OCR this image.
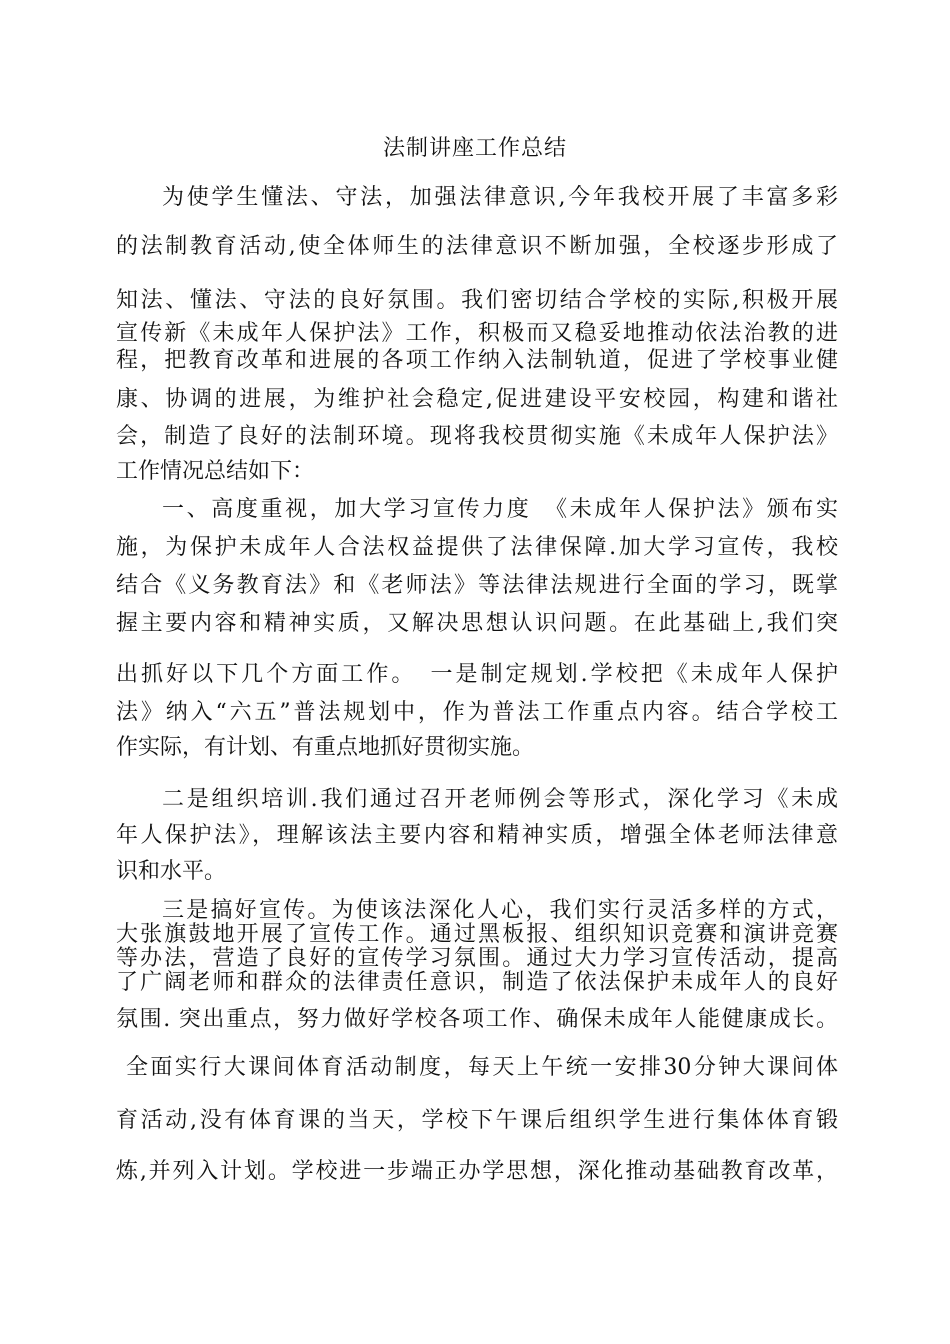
法制讲座工作总结
为使学生懂法、守法，加强法律意识,今年我校开展了丰富多彩
的法制教育活动,使全体师生的法律意识不断加强，全校逐步形成了
知法、懂法、守法的良好氛围。我们密切结合学校的实际,积极开展
宣传新《未成年人保护法》工作，积极而又稳妥地推动依法治教的进
程，把教育改革和进展的各项工作纳入法制轨道，促进了学校事业健
康、协调的进展，为维护社会稳定,促进建设平安校园，构建和谐社
会，制造了良好的法制环境。现将我校贯彻实施《未成年人保护法》
工作情况总结如下：
一、高度重视，加大学习宣传力度　《未成年人保护法》颁布实
施，为保护未成年人合法权益提供了法律保障.加大学习宣传，我校
结合《义务教育法》和《老师法》等法律法规进行全面的学习，既掌
握主要内容和精神实质，又解决思想认识问题。在此基础上,我们突
出抓好以下几个方面工作。　一是制定规划.学校把《未成年人保护
法》纳入“六五”普法规划中，作为普法工作重点内容。结合学校工
作实际，有计划、有重点地抓好贯彻实施。
二是组织培训.我们通过召开老师例会等形式，深化学习《未成
年人保护法》，理解该法主要内容和精神实质，增强全体老师法律意
识和水平。
三是搞好宣传。为使该法深化人心，我们实行灵活多样的方式，
大张旗鼓地开展了宣传工作。通过黑板报、组织知识竞赛和演讲竞赛
等办法，营造了良好的宣传学习氛围。通过大力学习宣传活动，提高
了广阔老师和群众的法律责任意识，制造了依法保护未成年人的良好
氛围. 突出重点，努力做好学校各项工作、确保未成年人能健康成长。
全面实行大课间体育活动制度，每天上午统一安排30分钟大课间体
育活动,没有体育课的当天，学校下午课后组织学生进行集体体育锻
炼,并列入计划。学校进一步端正办学思想，深化推动基础教育改革，
